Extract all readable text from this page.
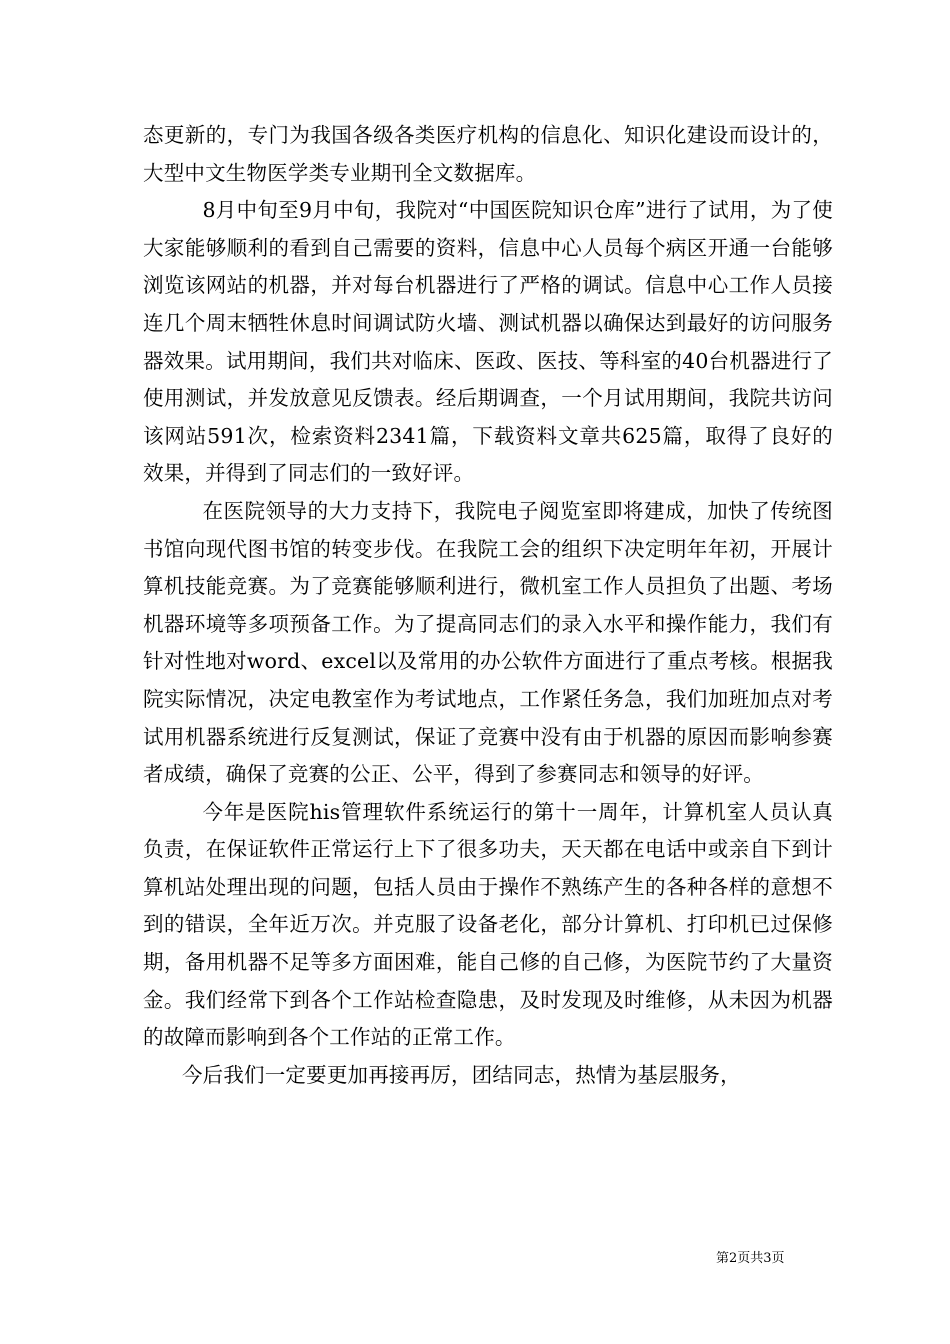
态更新的，专门为我国各级各类医疗机构的信息化、知识化建设而设计的，大型中文生物医学类专业期刊全文数据库。

8月中旬至9月中旬，我院对“中国医院知识仓库”进行了试用，为了使大家能够顺利的看到自己需要的资料，信息中心人员每个病区开通一台能够浏览该网站的机器，并对每台机器进行了严格的调试。信息中心工作人员接连几个周末牺牲休息时间调试防火墙、测试机器以确保达到最好的访问服务器效果。试用期间，我们共对临床、医政、医技、等科室的40台机器进行了使用测试，并发放意见反馈表。经后期调查，一个月试用期间，我院共访问该网站591次，检索资料2341篇，下载资料文章共625篇，取得了良好的效果，并得到了同志们的一致好评。

在医院领导的大力支持下，我院电子阅览室即将建成，加快了传统图书馆向现代图书馆的转变步伐。在我院工会的组织下决定明年年初，开展计算机技能竞赛。为了竞赛能够顺利进行，微机室工作人员担负了出题、考场机器环境等多项预备工作。为了提高同志们的录入水平和操作能力，我们有针对性地对word、excel以及常用的办公软件方面进行了重点考核。根据我院实际情况，决定电教室作为考试地点，工作紧任务急，我们加班加点对考试用机器系统进行反复测试，保证了竞赛中没有由于机器的原因而影响参赛者成绩，确保了竞赛的公正、公平，得到了参赛同志和领导的好评。

今年是医院his管理软件系统运行的第十一周年，计算机室人员认真负责，在保证软件正常运行上下了很多功夫，天天都在电话中或亲自下到计算机站处理出现的问题，包括人员由于操作不熟练产生的各种各样的意想不到的错误，全年近万次。并克服了设备老化，部分计算机、打印机已过保修期，备用机器不足等多方面困难，能自己修的自己修，为医院节约了大量资金。我们经常下到各个工作站检查隐患，及时发现及时维修，从未因为机器的故障而影响到各个工作站的正常工作。

今后我们一定要更加再接再厉，团结同志，热情为基层服务，

第2页共3页
